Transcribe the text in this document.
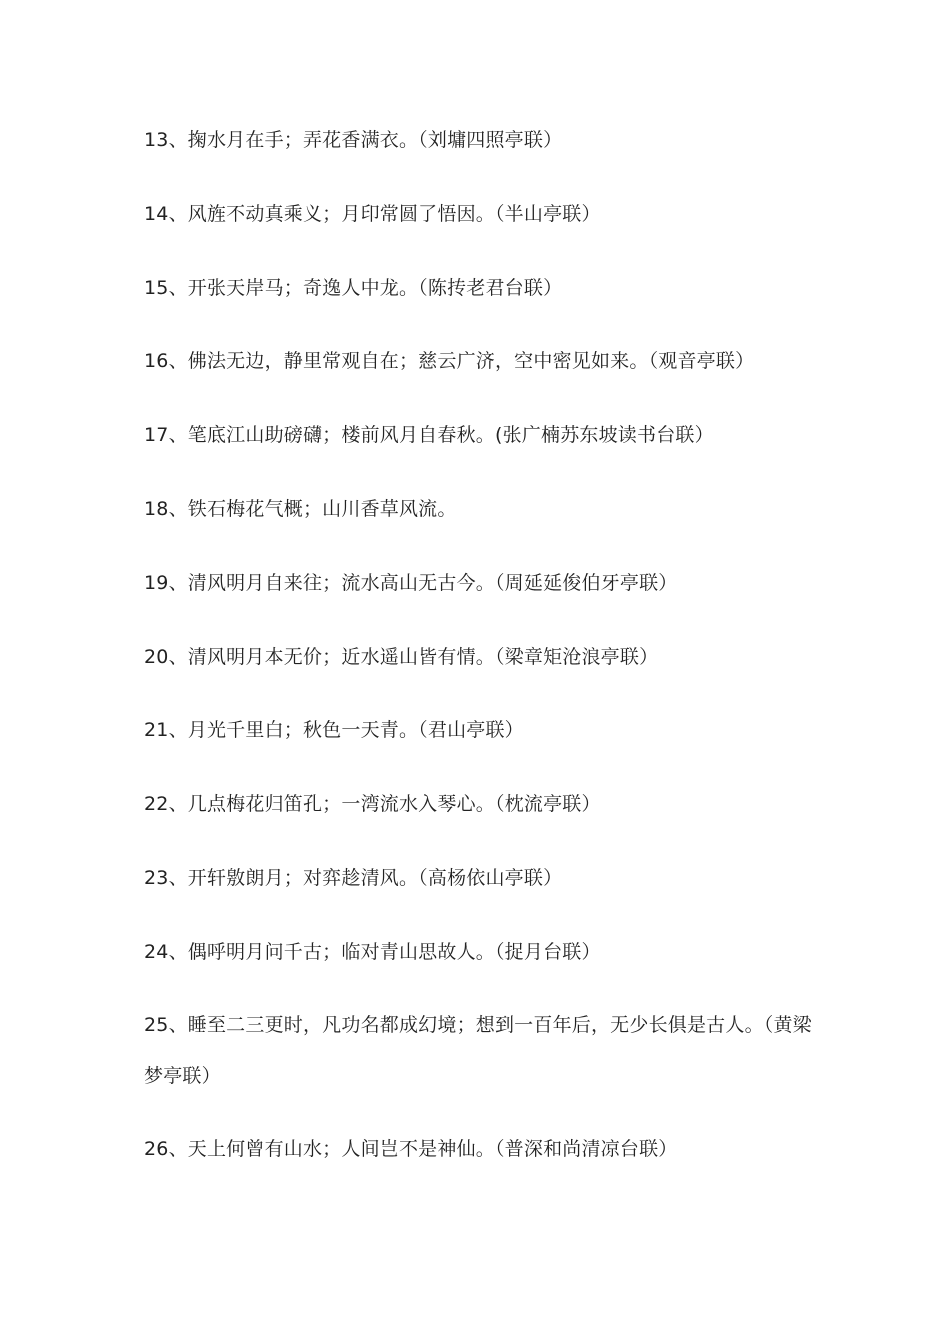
13、掬水月在手；弄花香满衣。（刘墉四照亭联）
14、风旌不动真乘义；月印常圆了悟因。（半山亭联）
15、开张天岸马；奇逸人中龙。（陈抟老君台联）
16、佛法无边，静里常观自在；慈云广济，空中密见如来。（观音亭联）
17、笔底江山助磅礴；楼前风月自春秋。(张广楠苏东坡读书台联）
18、铁石梅花气概；山川香草风流。
19、清风明月自来往；流水高山无古今。（周延延俊伯牙亭联）
20、清风明月本无价；近水遥山皆有情。（梁章矩沧浪亭联）
21、月光千里白；秋色一天青。（君山亭联）
22、几点梅花归笛孔；一湾流水入琴心。（枕流亭联）
23、开轩敫朗月；对弈趁清风。（高杨依山亭联）
24、偶呼明月问千古；临对青山思故人。（捉月台联）
25、睡至二三更时，凡功名都成幻境；想到一百年后，无少长俱是古人。（黄梁梦亭联）
26、天上何曾有山水；人间岂不是神仙。（普深和尚清凉台联）
